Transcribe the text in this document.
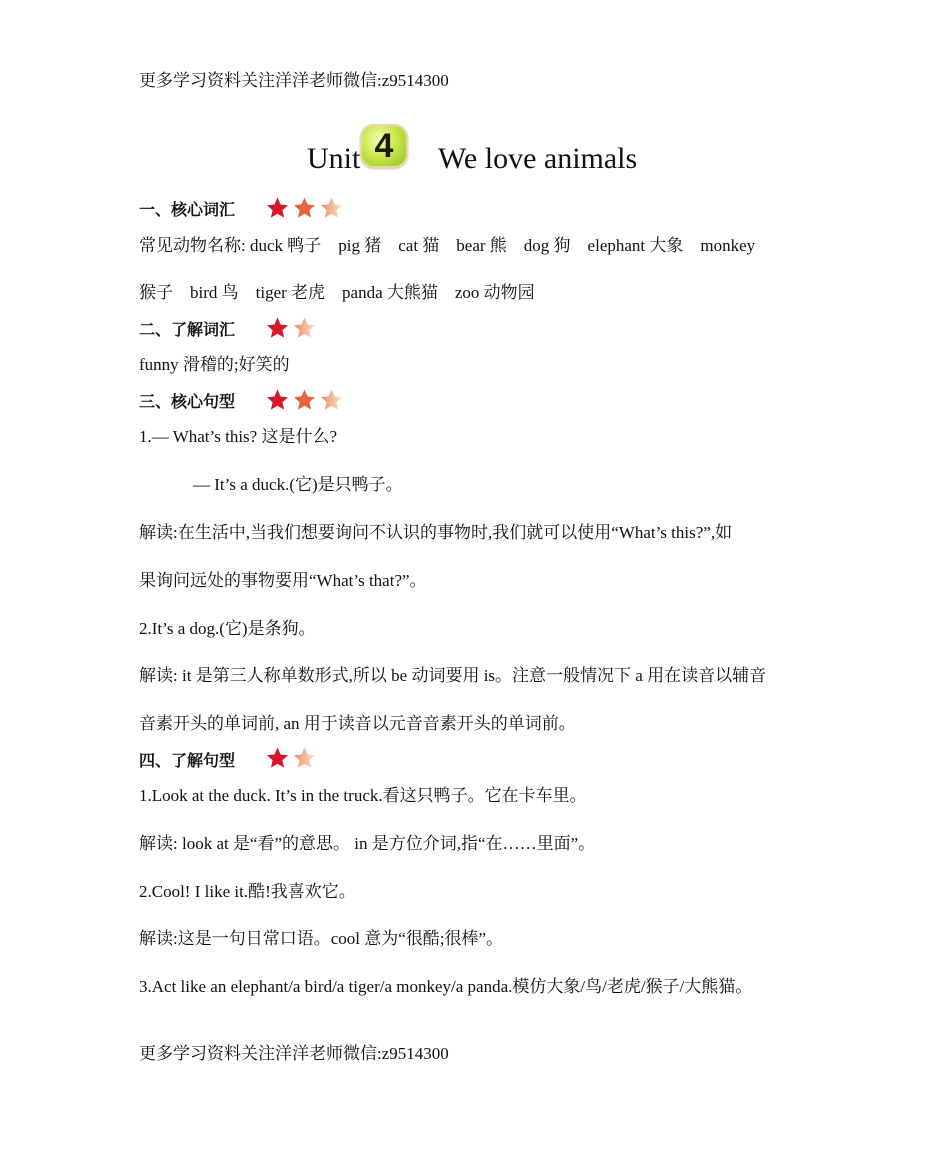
更多学习资料关注洋洋老师微信:z9514300
Unit 4	We love animals
一、核心词汇
常见动物名称: duck 鸭子　pig 猪　cat 猫　bear 熊　dog 狗　elephant 大象　monkey
猴子　bird 鸟　tiger 老虎　panda 大熊猫　zoo 动物园
二、了解词汇
funny 滑稽的;好笑的
三、核心句型
1.— What’s this? 这是什么?
— It’s a duck.(它)是只鸭子。
解读:在生活中,当我们想要询问不认识的事物时,我们就可以使用“What’s this?”,如
果询问远处的事物要用“What’s that?”。
2.It’s a dog.(它)是条狗。
解读: it 是第三人称单数形式,所以 be 动词要用 is。注意一般情况下 a 用在读音以辅音
音素开头的单词前, an 用于读音以元音音素开头的单词前。
四、了解句型
1.Look at the duck. It’s in the truck.看这只鸭子。它在卡车里。
解读: look at 是“看”的意思。 in 是方位介词,指“在……里面”。
2.Cool! I like it.酷!我喜欢它。
解读:这是一句日常口语。cool 意为“很酷;很棒”。
3.Act like an elephant/a bird/a tiger/a monkey/a panda.模仿大象/鸟/老虎/猴子/大熊猫。
更多学习资料关注洋洋老师微信:z9514300
